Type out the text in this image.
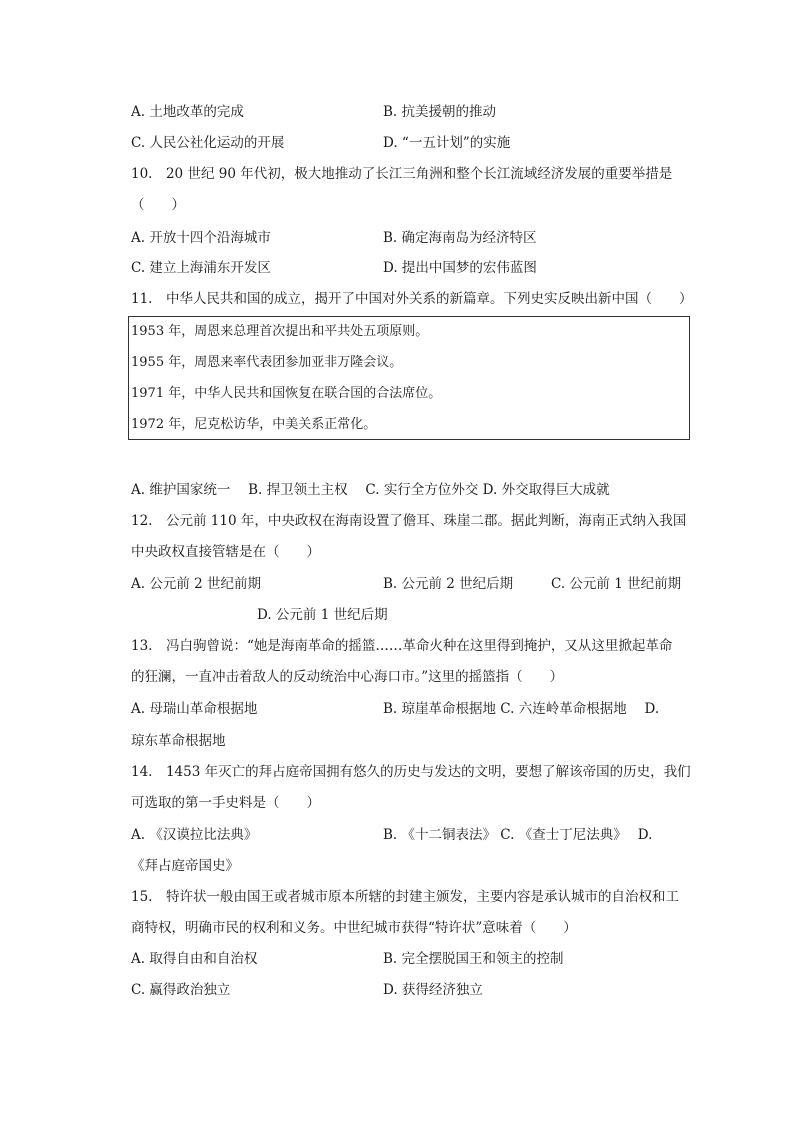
A. 土地改革的完成	B. 抗美援朝的推动
C. 人民公社化运动的开展	D. “一五计划”的实施
10.　20 世纪 90 年代初，极大地推动了长江三角洲和整个长江流域经济发展的重要举措是
（　　）
A. 开放十四个沿海城市	B. 确定海南岛为经济特区
C. 建立上海浦东开发区	D. 提出中国梦的宏伟蓝图
11.　中华人民共和国的成立，揭开了中国对外关系的新篇章。下列史实反映出新中国（　　）
1953 年，周恩来总理首次提出和平共处五项原则。
1955 年，周恩来率代表团参加亚非万隆会议。
1971 年，中华人民共和国恢复在联合国的合法席位。
1972 年，尼克松访华，中美关系正常化。
A. 维护国家统一　 B. 捍卫领土主权　 C. 实行全方位外交 D. 外交取得巨大成就
12.　公元前 110 年，中央政权在海南设置了儋耳、珠崖二郡。据此判断，海南正式纳入我国
中央政权直接管辖是在（　　）
A. 公元前 2 世纪前期	B. 公元前 2 世纪后期	C. 公元前 1 世纪前期
D. 公元前 1 世纪后期
13.　冯白驹曾说：“她是海南革命的摇篮……革命火种在这里得到掩护，又从这里掀起革命
的狂澜，一直冲击着敌人的反动统治中心海口市。”这里的摇篮指（　　）
A. 母瑞山革命根据地	B. 琼崖革命根据地 C. 六连岭革命根据地　 D.
琼东革命根据地
14.　1453 年灭亡的拜占庭帝国拥有悠久的历史与发达的文明，要想了解该帝国的历史，我们
可选取的第一手史料是（　　）
A. 《汉谟拉比法典》	B. 《十二铜表法》 C. 《查士丁尼法典》　 D.
《拜占庭帝国史》
15.　特许状一般由国王或者城市原本所辖的封建主颁发，主要内容是承认城市的自治权和工
商特权，明确市民的权利和义务。中世纪城市获得“特许状”意味着（　　）
A. 取得自由和自治权	B. 完全摆脱国王和领主的控制
C. 赢得政治独立	D. 获得经济独立
